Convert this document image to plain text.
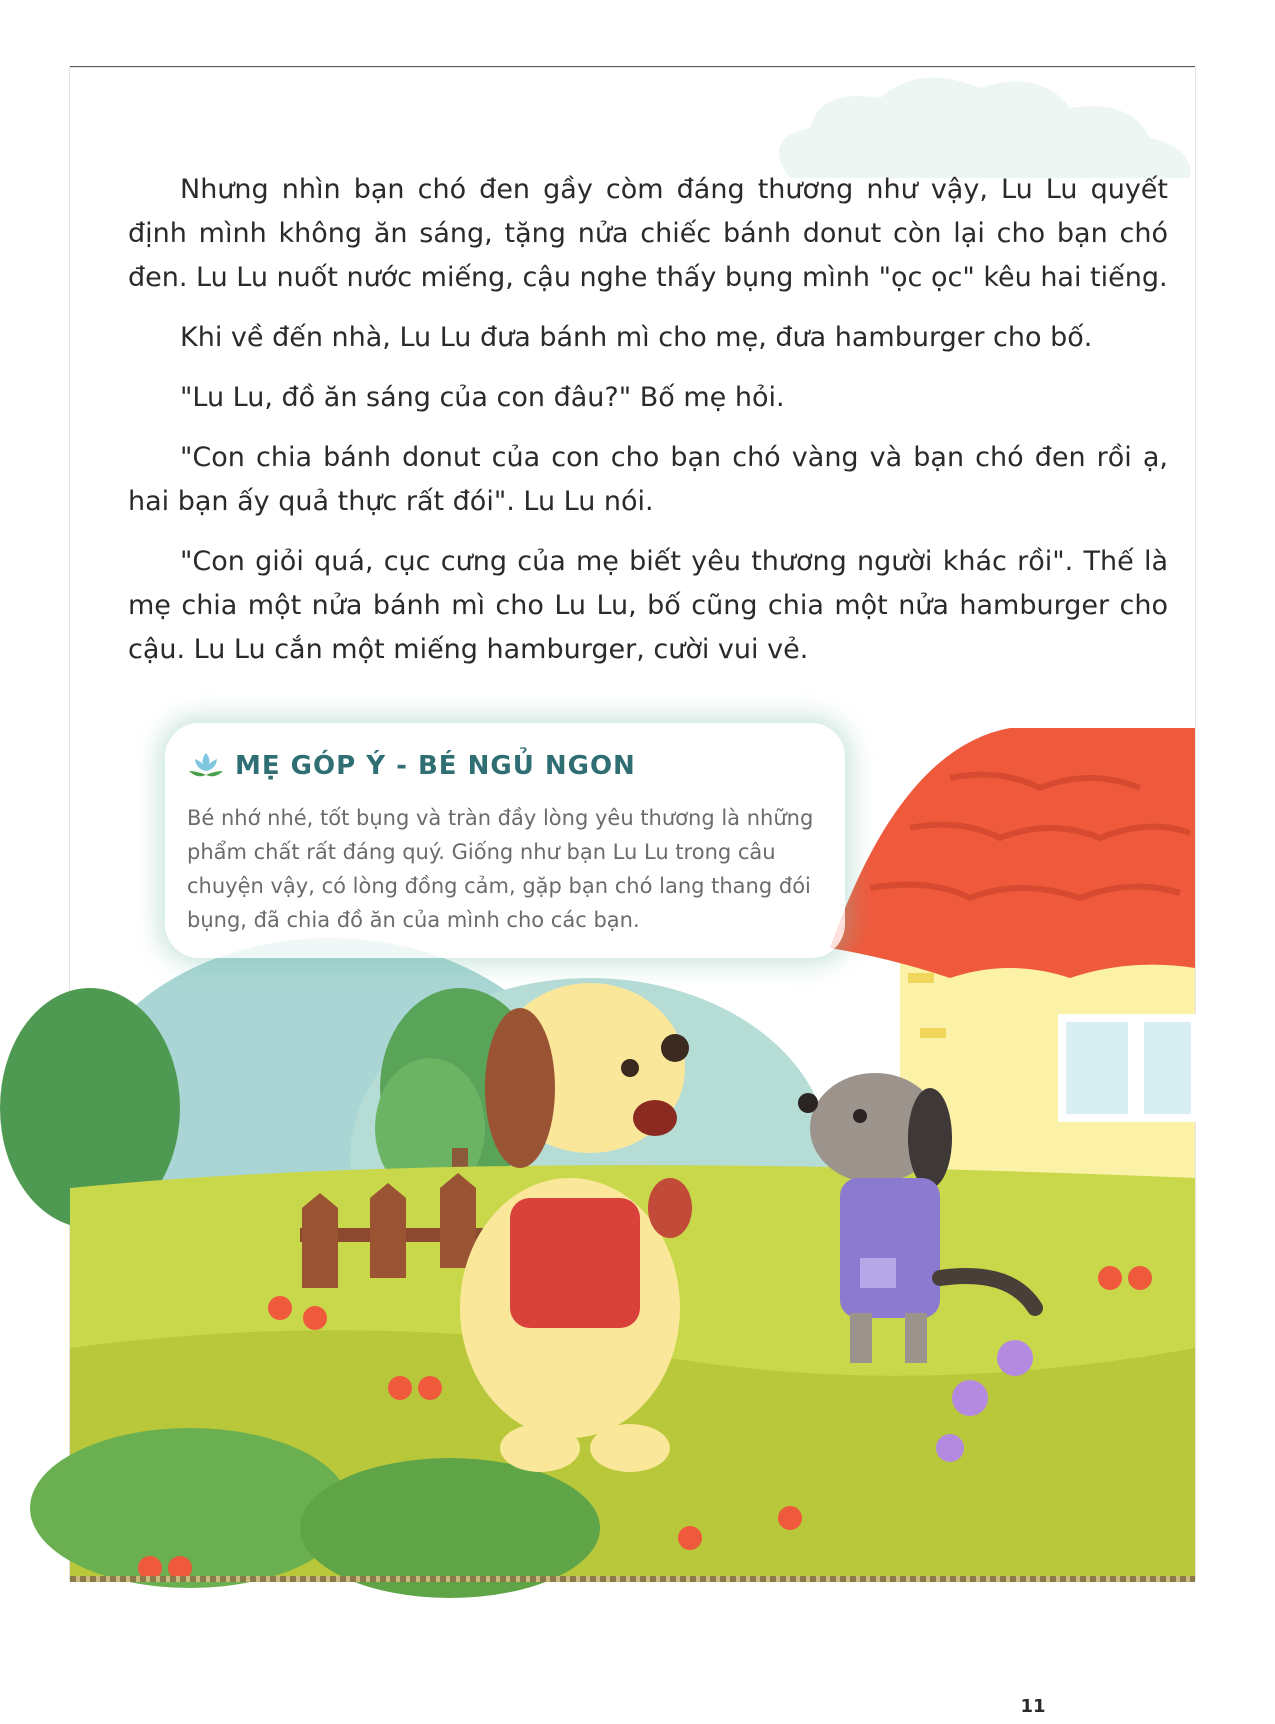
Nhưng nhìn bạn chó đen gầy còm đáng thương như vậy, Lu Lu quyết định mình không ăn sáng, tặng nửa chiếc bánh donut còn lại cho bạn chó đen. Lu Lu nuốt nước miếng, cậu nghe thấy bụng mình "ọc ọc" kêu hai tiếng.

Khi về đến nhà, Lu Lu đưa bánh mì cho mẹ, đưa hamburger cho bố.

"Lu Lu, đồ ăn sáng của con đâu?" Bố mẹ hỏi.

"Con chia bánh donut của con cho bạn chó vàng và bạn chó đen rồi ạ, hai bạn ấy quả thực rất đói". Lu Lu nói.

"Con giỏi quá, cục cưng của mẹ biết yêu thương người khác rồi". Thế là mẹ chia một nửa bánh mì cho Lu Lu, bố cũng chia một nửa hamburger cho cậu. Lu Lu cắn một miếng hamburger, cười vui vẻ.

MẸ GÓP Ý - BÉ NGỦ NGON
Bé nhớ nhé, tốt bụng và tràn đầy lòng yêu thương là những phẩm chất rất đáng quý. Giống như bạn Lu Lu trong câu chuyện vậy, có lòng đồng cảm, gặp bạn chó lang thang đói bụng, đã chia đồ ăn của mình cho các bạn.
11
